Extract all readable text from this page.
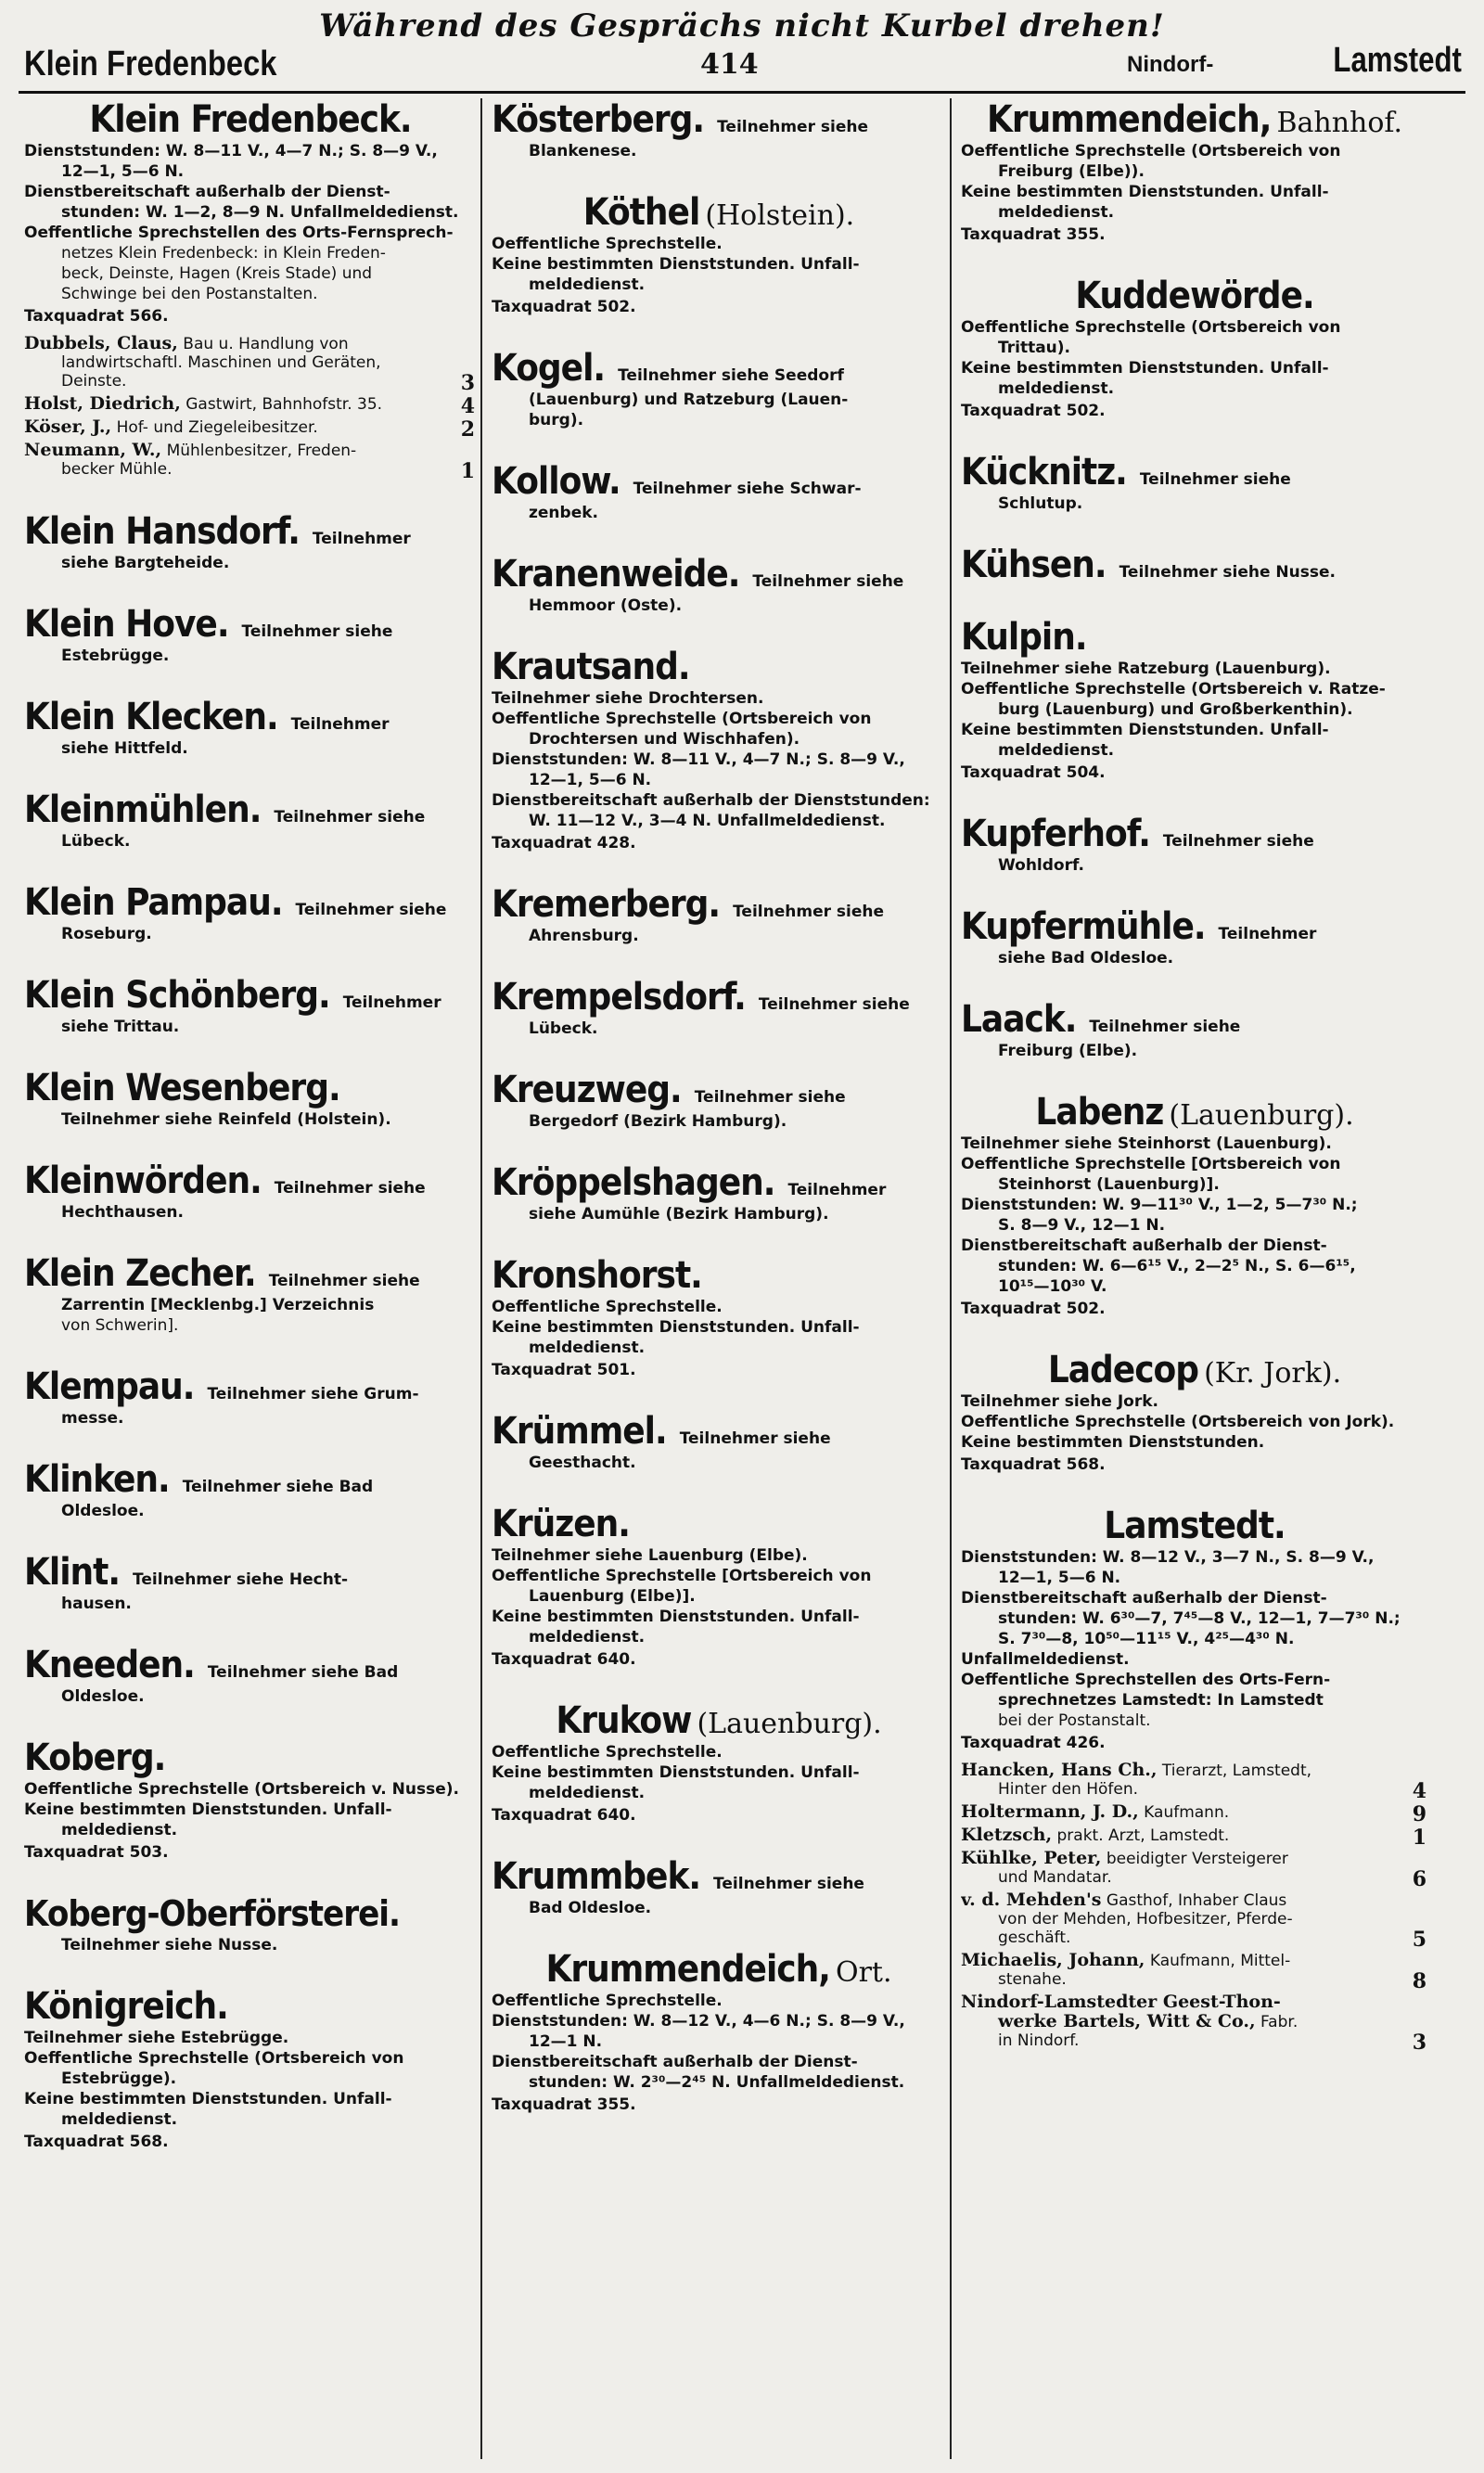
Während des Gesprächs nicht Kurbel drehen!
Klein Fredenbeck	414	Nindorf-	Lamstedt
Klein Fredenbeck.
Dienststunden: W. 8—11 V., 4—7 N.; S. 8—9 V.,
12—1, 5—6 N.
Dienstbereitschaft außerhalb der Dienst-
stunden: W. 1—2, 8—9 N. Unfallmeldedienst.
Oeffentliche Sprechstellen des Orts-Fernsprech-
netzes Klein Fredenbeck: in Klein Freden-
beck, Deinste, Hagen (Kreis Stade) und
Schwinge bei den Postanstalten.
Taxquadrat 566.
Dubbels, Claus, Bau u. Handlung von
landwirtschaftl. Maschinen und Geräten,
Deinste.	3
Holst, Diedrich, Gastwirt, Bahnhofstr. 35.	4
Köser, J., Hof- und Ziegeleibesitzer.	2
Neumann, W., Mühlenbesitzer, Freden-
becker Mühle.	1
Klein Hansdorf. Teilnehmer
siehe Bargteheide.
Klein Hove. Teilnehmer siehe
Estebrügge.
Klein Klecken. Teilnehmer
siehe Hittfeld.
Kleinmühlen. Teilnehmer siehe
Lübeck.
Klein Pampau. Teilnehmer siehe
Roseburg.
Klein Schönberg. Teilnehmer
siehe Trittau.
Klein Wesenberg.
Teilnehmer siehe Reinfeld (Holstein).
Kleinwörden. Teilnehmer siehe
Hechthausen.
Klein Zecher. Teilnehmer siehe
Zarrentin [Mecklenbg.] Verzeichnis
von Schwerin].
Klempau. Teilnehmer siehe Grum-
messe.
Klinken. Teilnehmer siehe Bad
Oldesloe.
Klint. Teilnehmer siehe Hecht-
hausen.
Kneeden. Teilnehmer siehe Bad
Oldesloe.
Koberg.
Oeffentliche Sprechstelle (Ortsbereich v. Nusse).
Keine bestimmten Dienststunden. Unfall-
meldedienst.
Taxquadrat 503.
Koberg-Oberförsterei.
Teilnehmer siehe Nusse.
Königreich.
Teilnehmer siehe Estebrügge.
Oeffentliche Sprechstelle (Ortsbereich von
Estebrügge).
Keine bestimmten Dienststunden. Unfall-
meldedienst.
Taxquadrat 568.
Kösterberg. Teilnehmer siehe
Blankenese.
Köthel (Holstein).
Oeffentliche Sprechstelle.
Keine bestimmten Dienststunden. Unfall-
meldedienst.
Taxquadrat 502.
Kogel. Teilnehmer siehe Seedorf
(Lauenburg) und Ratzeburg (Lauen-
burg).
Kollow. Teilnehmer siehe Schwar-
zenbek.
Kranenweide. Teilnehmer siehe
Hemmoor (Oste).
Krautsand.
Teilnehmer siehe Drochtersen.
Oeffentliche Sprechstelle (Ortsbereich von
Drochtersen und Wischhafen).
Dienststunden: W. 8—11 V., 4—7 N.; S. 8—9 V.,
12—1, 5—6 N.
Dienstbereitschaft außerhalb der Dienststunden:
W. 11—12 V., 3—4 N. Unfallmeldedienst.
Taxquadrat 428.
Kremerberg. Teilnehmer siehe
Ahrensburg.
Krempelsdorf. Teilnehmer siehe
Lübeck.
Kreuzweg. Teilnehmer siehe
Bergedorf (Bezirk Hamburg).
Kröppelshagen. Teilnehmer
siehe Aumühle (Bezirk Hamburg).
Kronshorst.
Oeffentliche Sprechstelle.
Keine bestimmten Dienststunden. Unfall-
meldedienst.
Taxquadrat 501.
Krümmel. Teilnehmer siehe
Geesthacht.
Krüzen.
Teilnehmer siehe Lauenburg (Elbe).
Oeffentliche Sprechstelle [Ortsbereich von
Lauenburg (Elbe)].
Keine bestimmten Dienststunden. Unfall-
meldedienst.
Taxquadrat 640.
Krukow (Lauenburg).
Oeffentliche Sprechstelle.
Keine bestimmten Dienststunden. Unfall-
meldedienst.
Taxquadrat 640.
Krummbek. Teilnehmer siehe
Bad Oldesloe.
Krummendeich, Ort.
Oeffentliche Sprechstelle.
Dienststunden: W. 8—12 V., 4—6 N.; S. 8—9 V.,
12—1 N.
Dienstbereitschaft außerhalb der Dienst-
stunden: W. 2³⁰—2⁴⁵ N. Unfallmeldedienst.
Taxquadrat 355.
Krummendeich, Bahnhof.
Oeffentliche Sprechstelle (Ortsbereich von
Freiburg (Elbe)).
Keine bestimmten Dienststunden. Unfall-
meldedienst.
Taxquadrat 355.
Kuddewörde.
Oeffentliche Sprechstelle (Ortsbereich von
Trittau).
Keine bestimmten Dienststunden. Unfall-
meldedienst.
Taxquadrat 502.
Kücknitz. Teilnehmer siehe
Schlutup.
Kühsen. Teilnehmer siehe Nusse.
Kulpin.
Teilnehmer siehe Ratzeburg (Lauenburg).
Oeffentliche Sprechstelle (Ortsbereich v. Ratze-
burg (Lauenburg) und Großberkenthin).
Keine bestimmten Dienststunden. Unfall-
meldedienst.
Taxquadrat 504.
Kupferhof. Teilnehmer siehe
Wohldorf.
Kupfermühle. Teilnehmer
siehe Bad Oldesloe.
Laack. Teilnehmer siehe
Freiburg (Elbe).
Labenz (Lauenburg).
Teilnehmer siehe Steinhorst (Lauenburg).
Oeffentliche Sprechstelle [Ortsbereich von
Steinhorst (Lauenburg)].
Dienststunden: W. 9—11³⁰ V., 1—2, 5—7³⁰ N.;
S. 8—9 V., 12—1 N.
Dienstbereitschaft außerhalb der Dienst-
stunden: W. 6—6¹⁵ V., 2—2⁵ N., S. 6—6¹⁵,
10¹⁵—10³⁰ V.
Taxquadrat 502.
Ladecop (Kr. Jork).
Teilnehmer siehe Jork.
Oeffentliche Sprechstelle (Ortsbereich von Jork).
Keine bestimmten Dienststunden.
Taxquadrat 568.
Lamstedt.
Dienststunden: W. 8—12 V., 3—7 N., S. 8—9 V.,
12—1, 5—6 N.
Dienstbereitschaft außerhalb der Dienst-
stunden: W. 6³⁰—7, 7⁴⁵—8 V., 12—1, 7—7³⁰ N.;
S. 7³⁰—8, 10⁵⁰—11¹⁵ V., 4²⁵—4³⁰ N.
Unfallmeldedienst.
Oeffentliche Sprechstellen des Orts-Fern-
sprechnetzes Lamstedt: In Lamstedt
bei der Postanstalt.
Taxquadrat 426.
Hancken, Hans Ch., Tierarzt, Lamstedt,
Hinter den Höfen.	4
Holtermann, J. D., Kaufmann.	9
Kletzsch, prakt. Arzt, Lamstedt.	1
Kühlke, Peter, beeidigter Versteigerer
und Mandatar.	6
v. d. Mehden's Gasthof, Inhaber Claus
von der Mehden, Hofbesitzer, Pferde-
geschäft.	5
Michaelis, Johann, Kaufmann, Mittel-
stenahe.	8
Nindorf-Lamstedter Geest-Thon-
werke Bartels, Witt & Co., Fabr.
in Nindorf.	3
